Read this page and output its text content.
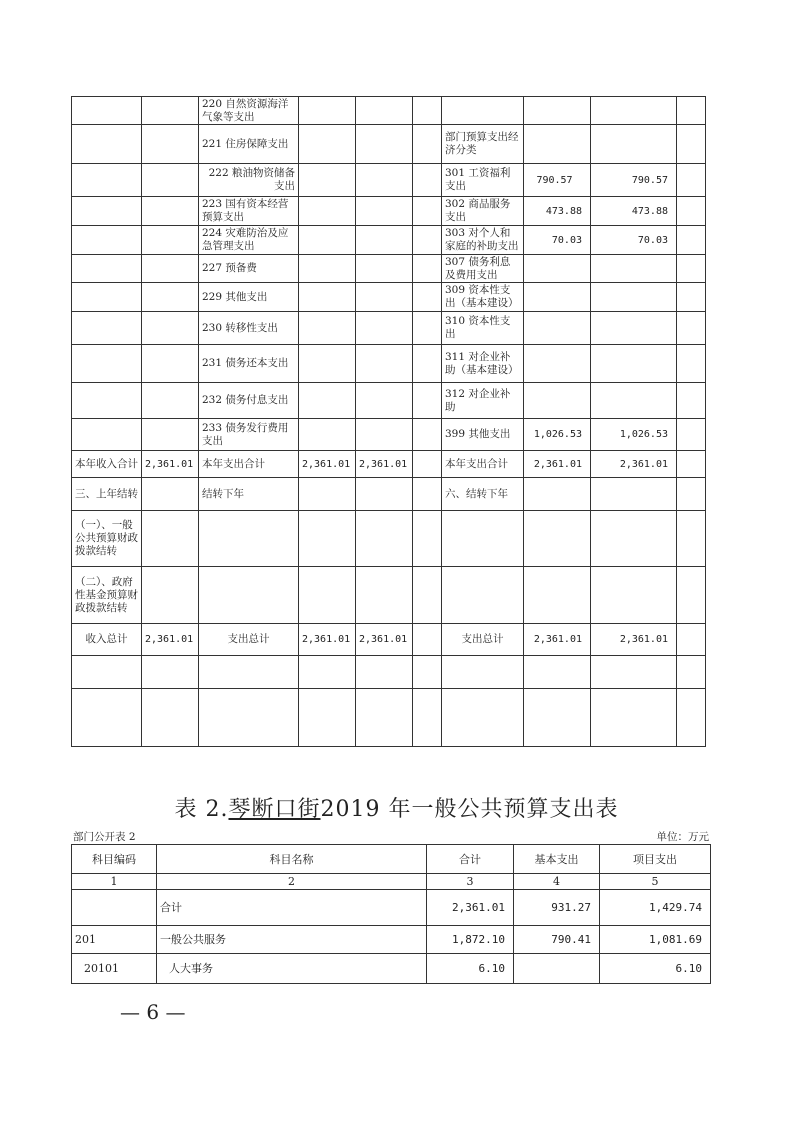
		220 自然资源海洋气象等支出							
		221 住房保障支出				部门预算支出经济分类			
		222 粮油物资储备支出				301 工资福利支出	790.57	790.57	
		223 国有资本经营预算支出				302 商品服务支出	473.88	473.88	
		224 灾难防治及应急管理支出				303 对个人和家庭的补助支出	70.03	70.03	
		227 预备费				307 债务利息及费用支出			
		229 其他支出				309 资本性支出（基本建设）			
		230 转移性支出				310 资本性支出			
		231 债务还本支出				311 对企业补助（基本建设）			
		232 债务付息支出				312 对企业补助			
		233 债务发行费用支出				399 其他支出	1,026.53	1,026.53	
本年收入合计	2,361.01	本年支出合计	2,361.01	2,361.01		本年支出合计	2,361.01	2,361.01	
三、上年结转		结转下年				六、结转下年			
（一）、一般公共预算财政拨款结转									
（二）、政府性基金预算财政拨款结转									
收入总计	2,361.01	支出总计	2,361.01	2,361.01		支出总计	2,361.01	2,361.01	

表 2.琴断口街2019 年一般公共预算支出表
部门公开表 2	单位：万元
科目编码	科目名称	合计	基本支出	项目支出
1	2	3	4	5
	合计	2,361.01	931.27	1,429.74
201	一般公共服务	1,872.10	790.41	1,081.69
20101	人大事务	6.10		6.10
— 6 —
